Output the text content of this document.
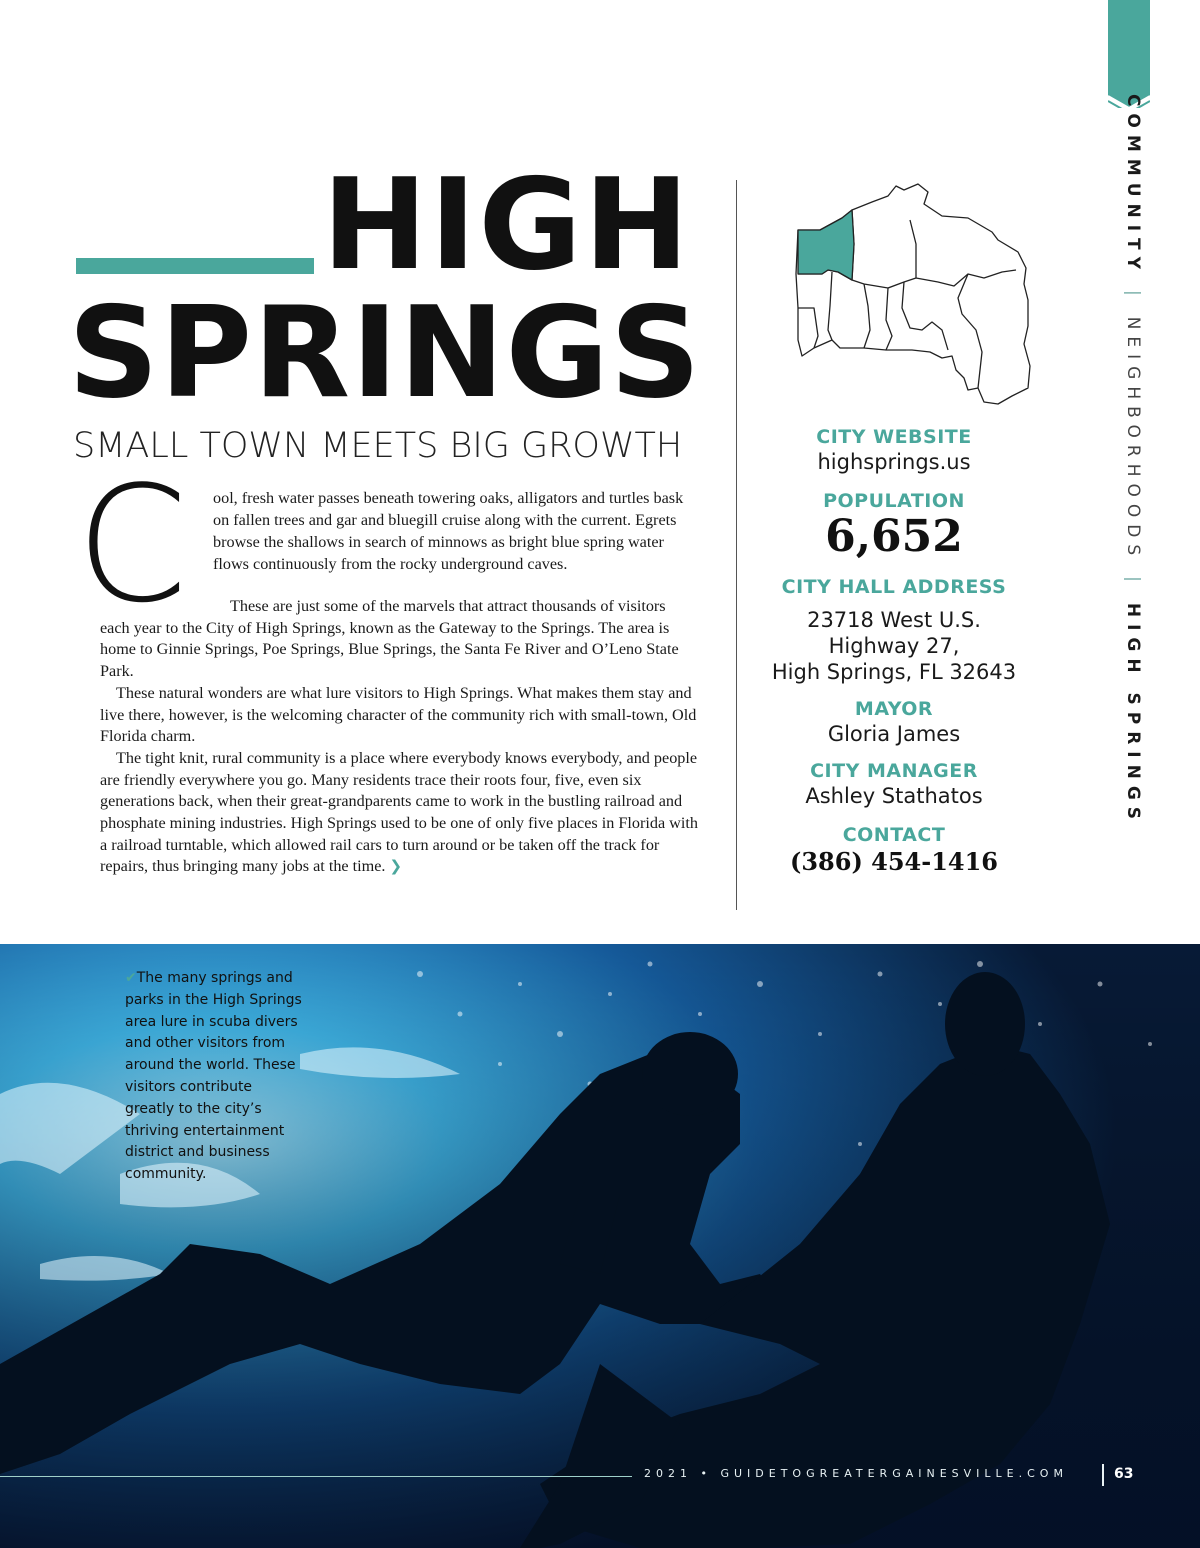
COMMUNITY|NEIGHBORHOODS|HIGH SPRINGS
HIGH
SPRINGS
SMALL TOWN MEETS BIG GROWTH
C ool, fresh water passes beneath towering oaks, alligators and turtles bask on fallen trees and gar and bluegill cruise along with the current. Egrets browse the shallows in search of minnows as bright blue spring water flows continuously from the rocky underground caves.

These are just some of the marvels that attract thousands of visitors each year to the City of High Springs, known as the Gateway to the Springs. The area is home to Ginnie Springs, Poe Springs, Blue Springs, the Santa Fe River and O’Leno State Park.

These natural wonders are what lure visitors to High Springs. What makes them stay and live there, however, is the welcoming character of the community rich with small-town, Old Florida charm.

The tight knit, rural community is a place where everybody knows everybody, and people are friendly everywhere you go. Many residents trace their roots four, five, even six generations back, when their great-grandparents came to work in the bustling railroad and phosphate mining industries. High Springs used to be one of only five places in Florida with a railroad turntable, which allowed rail cars to turn around or be taken off the track for repairs, thus bringing many jobs at the time. ❯

CITY WEBSITE
highsprings.us
POPULATION
6,652
CITY HALL ADDRESS
23718 West U.S.
Highway 27,
High Springs, FL 32643
MAYOR
Gloria James
CITY MANAGER
Ashley Stathatos
CONTACT
(386) 454-1416
✔The many springs and parks in the High Springs area lure in scuba divers and other visitors from around the world. These visitors contribute greatly to the city’s thriving entertainment district and business community.
2021 • GUIDETOGREATERGAINESVILLE.COM	63
